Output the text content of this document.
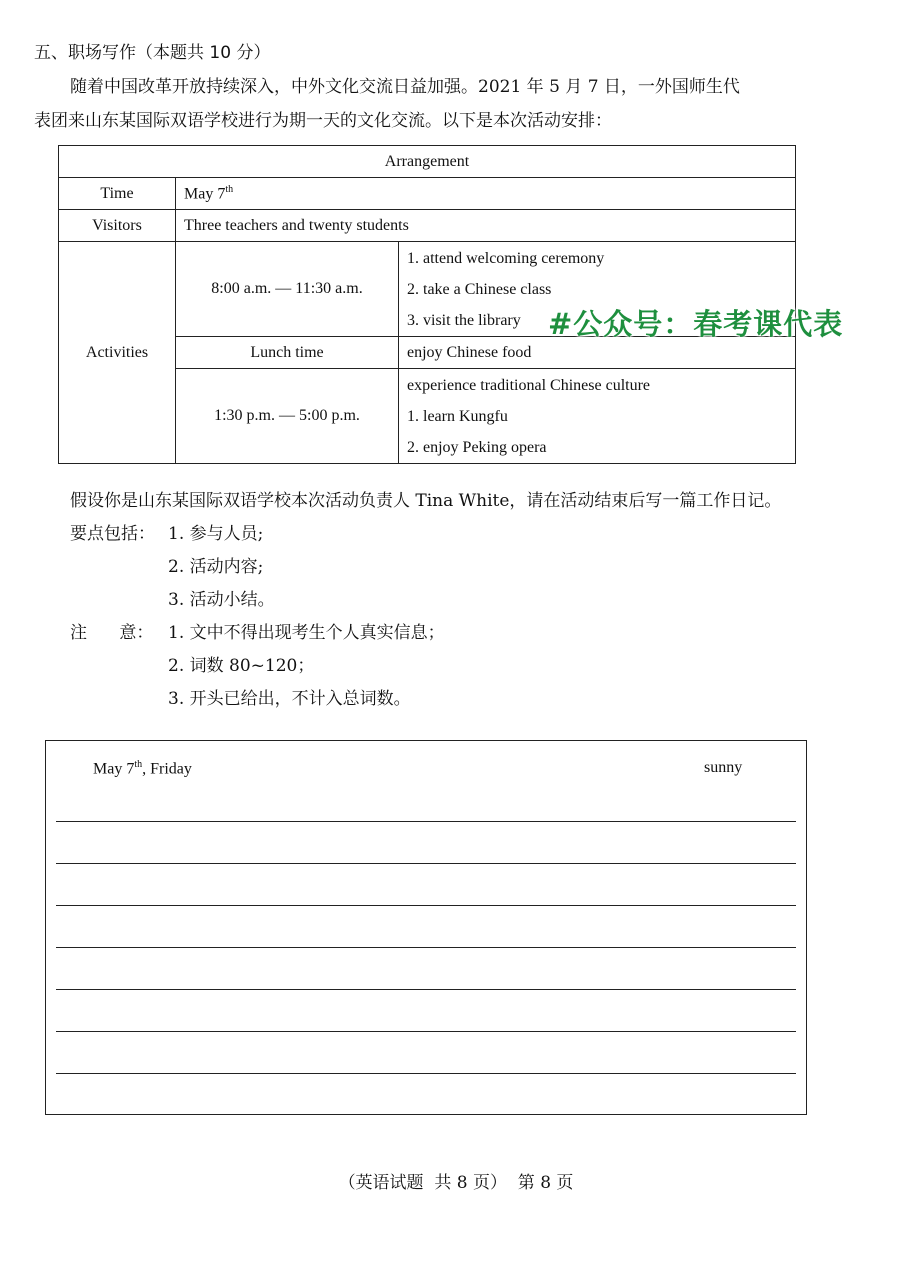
五、职场写作（本题共 10 分）
随着中国改革开放持续深入，中外文化交流日益加强。2021 年 5 月 7 日，一外国师生代
表团来山东某国际双语学校进行为期一天的文化交流。以下是本次活动安排：
Arrangement		
Time	May 7th
Visitors	Three teachers and twenty students	
Activities	8:00 a.m. — 11:30 a.m.	1. attend welcoming ceremony
2. take a Chinese class
3. visit the library

	Lunch time	enjoy Chinese food
	1:30 p.m. — 5:00 p.m.	experience traditional Chinese culture
1. learn Kungfu
2. enjoy Peking opera
#公众号：春考课代表
假设你是山东某国际双语学校本次活动负责人 Tina White，请在活动结束后写一篇工作日记。
要点包括： 1. 参与人员;
2. 活动内容;
3. 活动小结。
注      意： 1. 文中不得出现考生个人真实信息；
2. 词数 80~120；
3. 开头已给出，不计入总词数。
May 7th, Friday	sunny
（英语试题  共 8 页）  第 8 页
